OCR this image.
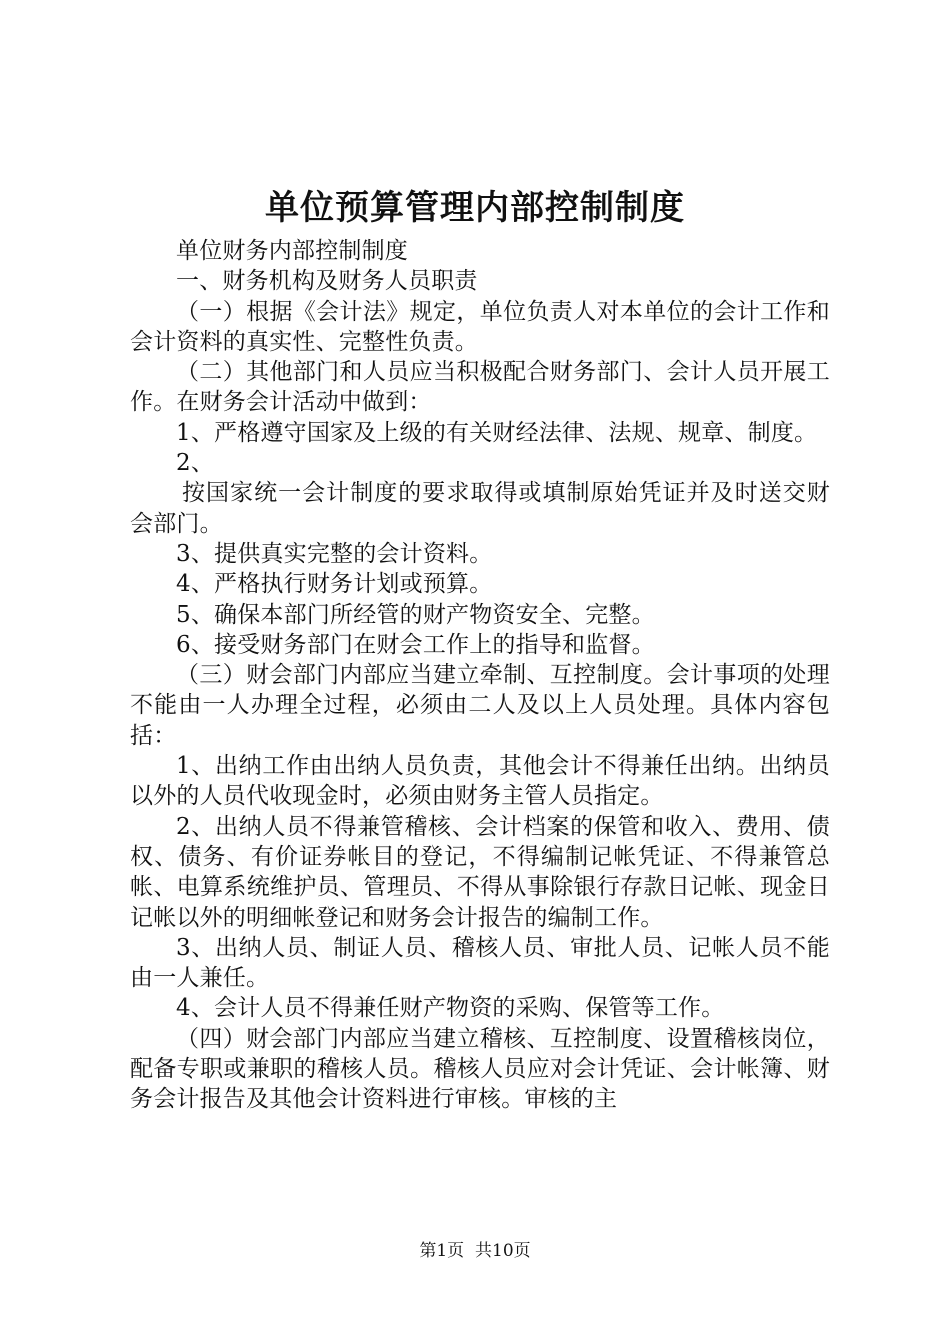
单位预算管理内部控制制度

单位财务内部控制制度

一、财务机构及财务人员职责

（一）根据《会计法》规定，单位负责人对本单位的会计工作和会计资料的真实性、完整性负责。

（二）其他部门和人员应当积极配合财务部门、会计人员开展工作。在财务会计活动中做到：

1、严格遵守国家及上级的有关财经法律、法规、规章、制度。

2、

按国家统一会计制度的要求取得或填制原始凭证并及时送交财会部门。

3、提供真实完整的会计资料。

4、严格执行财务计划或预算。

5、确保本部门所经管的财产物资安全、完整。

6、接受财务部门在财会工作上的指导和监督。

（三）财会部门内部应当建立牵制、互控制度。会计事项的处理不能由一人办理全过程，必须由二人及以上人员处理。具体内容包括：

1、出纳工作由出纳人员负责，其他会计不得兼任出纳。出纳员以外的人员代收现金时，必须由财务主管人员指定。

2、出纳人员不得兼管稽核、会计档案的保管和收入、费用、债权、债务、有价证券帐目的登记，不得编制记帐凭证、不得兼管总帐、电算系统维护员、管理员、不得从事除银行存款日记帐、现金日记帐以外的明细帐登记和财务会计报告的编制工作。

3、出纳人员、制证人员、稽核人员、审批人员、记帐人员不能由一人兼任。

4、会计人员不得兼任财产物资的采购、保管等工作。

（四）财会部门内部应当建立稽核、互控制度、设置稽核岗位，配备专职或兼职的稽核人员。稽核人员应对会计凭证、会计帐簿、财务会计报告及其他会计资料进行审核。审核的主

第1页 共10页
